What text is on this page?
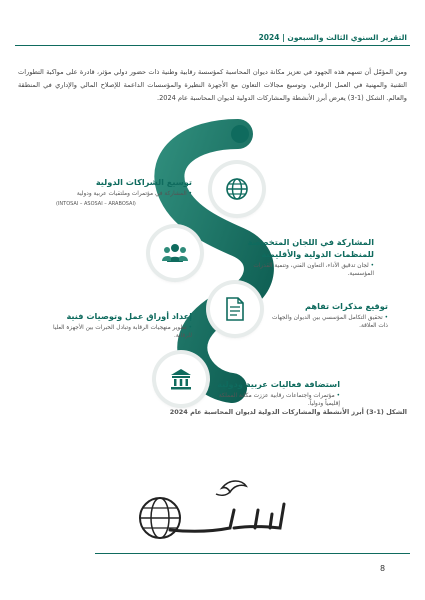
التقرير السنوي الثالث والسبعون | 2024
ومن المؤمّل أن تسهم هذه الجهود في تعزيز مكانة ديوان المحاسبة كمؤسسة رقابية وطنية ذات حضور دولي مؤثر، قادرة على مواكبة التطورات التقنية والمهنية في العمل الرقابي، وتوسيع مجالات التعاون مع الأجهزة النظيرة والمؤسسات الداعمة للإصلاح المالي والإداري في المنطقة والعالم. الشكل (1-3) يعرض أبرز الأنشطة والمشاركات الدولية لديوان المحاسبة عام 2024.
توسيع الشراكات الدولية
• المشاركة في مؤتمرات وملتقيات عربية ودولية
(INTOSAI – ASOSAI – ARABOSAI)
المشاركة في اللجان المتخصصة للمنظمات الدولية والأقليمية
• لجان تدقيق الأداء، التعاون الفني، وتنمية القدرات المؤسسية.
توقيع مذكرات تفاهم
• تحقيق التكامل المؤسسي بين الديوان والجهات ذات العلاقة.
إعداد أوراق عمل وتوصيات فنية
• تطوير منهجيات الرقابة وتبادل الخبرات بين الأجهزة العليا للرقابة.
استضافة فعاليات عربية ودولية
• مؤتمرات واجتماعات رقابية عززت مكانة المملكة إقليمياً ودولياً.
الشكل (1-3) أبرز الأنشطة والمشاركات الدولية لديوان المحاسبة عام 2024
8
